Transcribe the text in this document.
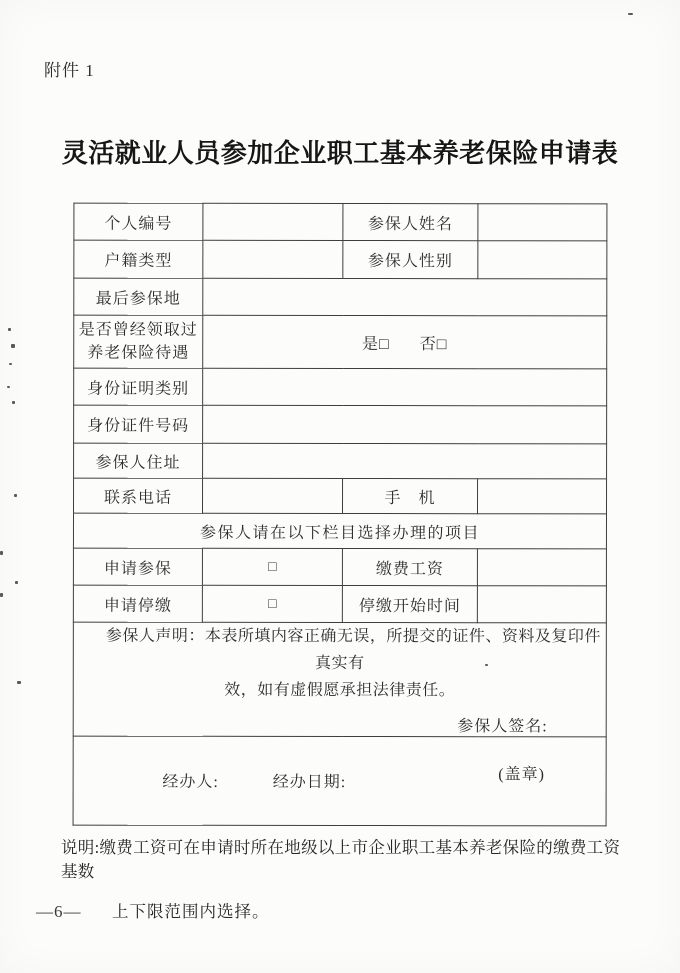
附件 1
灵活就业人员参加企业职工基本养老保险申请表
个人编号		参保人姓名	
户籍类型		参保人性别	
最后参保地			

是否曾经领取过
养老保险待遇	是□ 否□		
身份证明类别			
身份证件号码			
参保人住址			
联系电话		手　机	
参保人请在以下栏目选择办理的项目			
申请参保	□	缴费工资	
申请停缴	□	停缴开始时间	

参保人声明：本表所填内容正确无误，所提交的证件、资料及复印件真实有
效，如有虚假愿承担法律责任。
参保人签名:			

经办人: 经办日期: (盖章)			
说明:缴费工资可在申请时所在地级以上市企业职工基本养老保险的缴费工资基数
上下限范围内选择。
—6—
